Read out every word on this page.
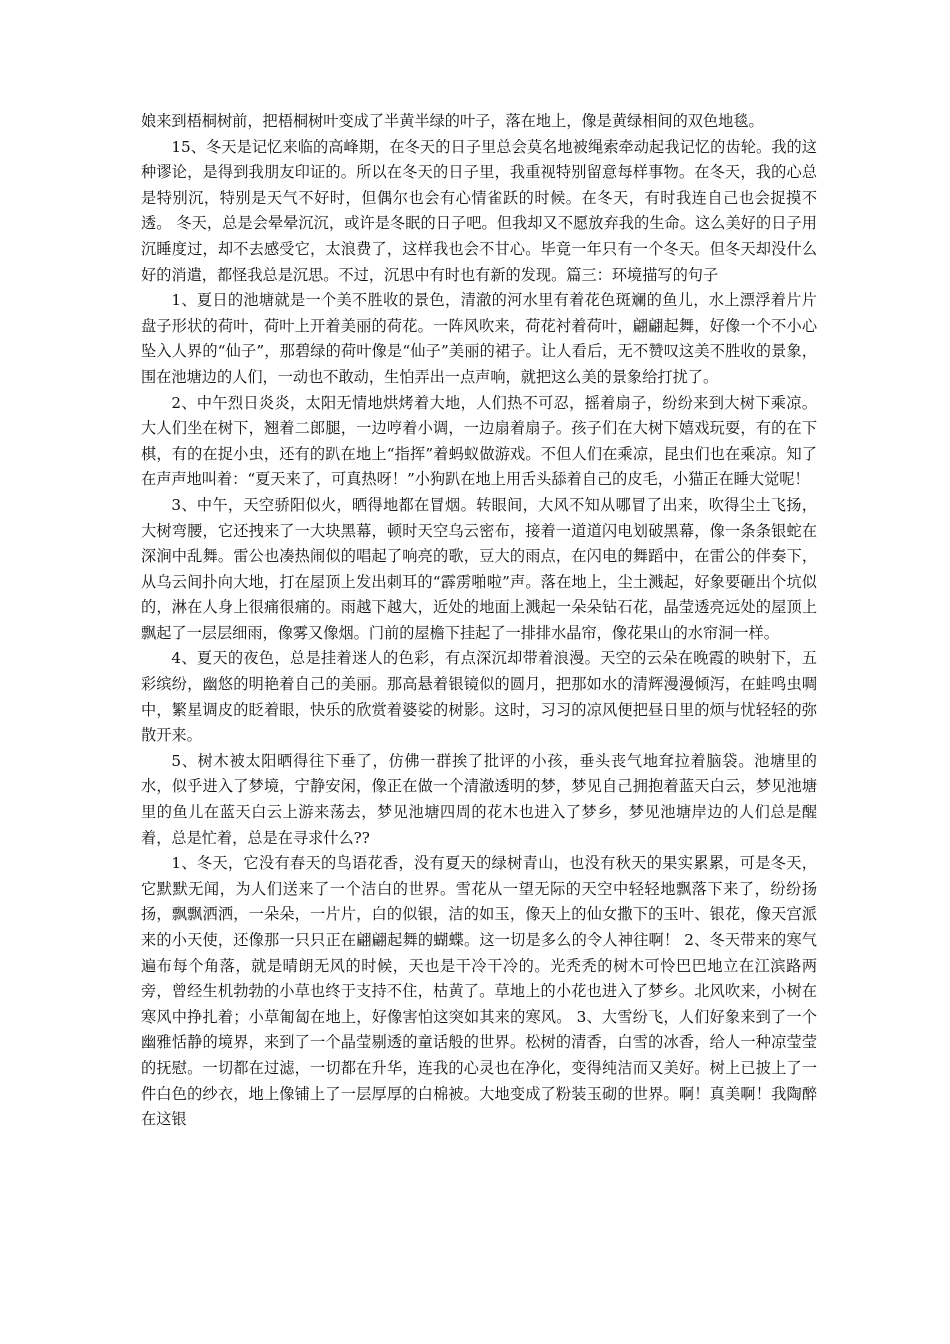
娘来到梧桐树前，把梧桐树叶变成了半黄半绿的叶子，落在地上，像是黄绿相间的双色地毯。

15、冬天是记忆来临的高峰期，在冬天的日子里总会莫名地被绳索牵动起我记忆的齿轮。我的这种谬论，是得到我朋友印证的。所以在冬天的日子里，我重视特别留意每样事物。在冬天，我的心总是特别沉，特别是天气不好时，但偶尔也会有心情雀跃的时候。在冬天，有时我连自己也会捉摸不透。 冬天，总是会晕晕沉沉，或许是冬眠的日子吧。但我却又不愿放弃我的生命。这么美好的日子用沉睡度过，却不去感受它，太浪费了，这样我也会不甘心。毕竟一年只有一个冬天。但冬天却没什么好的消遣，都怪我总是沉思。不过，沉思中有时也有新的发现。篇三：环境描写的句子

1、夏日的池塘就是一个美不胜收的景色，清澈的河水里有着花色斑斓的鱼儿，水上漂浮着片片盘子形状的荷叶，荷叶上开着美丽的荷花。一阵风吹来，荷花衬着荷叶，翩翩起舞，好像一个不小心坠入人界的“仙子”，那碧绿的荷叶像是“仙子”美丽的裙子。让人看后，无不赞叹这美不胜收的景象，围在池塘边的人们，一动也不敢动，生怕弄出一点声响，就把这么美的景象给打扰了。

2、中午烈日炎炎，太阳无情地烘烤着大地，人们热不可忍，摇着扇子，纷纷来到大树下乘凉。大人们坐在树下，翘着二郎腿，一边哼着小调，一边扇着扇子。孩子们在大树下嬉戏玩耍，有的在下棋，有的在捉小虫，还有的趴在地上“指挥”着蚂蚁做游戏。不但人们在乘凉，昆虫们也在乘凉。知了在声声地叫着：“夏天来了，可真热呀！”小狗趴在地上用舌头舔着自己的皮毛，小猫正在睡大觉呢！

3、中午，天空骄阳似火，晒得地都在冒烟。转眼间，大风不知从哪冒了出来，吹得尘土飞扬，大树弯腰，它还拽来了一大块黑幕，顿时天空乌云密布，接着一道道闪电划破黑幕，像一条条银蛇在深涧中乱舞。雷公也凑热闹似的唱起了响亮的歌，豆大的雨点，在闪电的舞蹈中，在雷公的伴奏下，从乌云间扑向大地，打在屋顶上发出刺耳的“霹雳啪啦”声。落在地上，尘土溅起，好象要砸出个坑似的，淋在人身上很痛很痛的。雨越下越大，近处的地面上溅起一朵朵钻石花，晶莹透亮远处的屋顶上飘起了一层层细雨，像雾又像烟。门前的屋檐下挂起了一排排水晶帘，像花果山的水帘洞一样。

4、夏天的夜色，总是挂着迷人的色彩，有点深沉却带着浪漫。天空的云朵在晚霞的映射下，五彩缤纷，幽悠的明艳着自己的美丽。那高悬着银镜似的圆月，把那如水的清辉漫漫倾泻，在蛙鸣虫啁中，繁星调皮的眨着眼，快乐的欣赏着婆娑的树影。这时，习习的凉风便把昼日里的烦与忧轻轻的弥散开来。

5、树木被太阳晒得往下垂了，仿佛一群挨了批评的小孩，垂头丧气地耷拉着脑袋。池塘里的水，似乎进入了梦境，宁静安闲，像正在做一个清澈透明的梦，梦见自己拥抱着蓝天白云，梦见池塘里的鱼儿在蓝天白云上游来荡去，梦见池塘四周的花木也进入了梦乡，梦见池塘岸边的人们总是醒着，总是忙着，总是在寻求什么??

1、冬天，它没有春天的鸟语花香，没有夏天的绿树青山，也没有秋天的果实累累，可是冬天，它默默无闻，为人们送来了一个洁白的世界。雪花从一望无际的天空中轻轻地飘落下来了，纷纷扬扬，飘飘洒洒，一朵朵，一片片，白的似银，洁的如玉，像天上的仙女撒下的玉叶、银花，像天宫派来的小天使，还像那一只只正在翩翩起舞的蝴蝶。这一切是多么的令人神往啊！ 2、冬天带来的寒气遍布每个角落，就是晴朗无风的时候，天也是干冷干冷的。光秃秃的树木可怜巴巴地立在江滨路两旁，曾经生机勃勃的小草也终于支持不住，枯黄了。草地上的小花也进入了梦乡。北风吹来，小树在寒风中挣扎着；小草匍匐在地上，好像害怕这突如其来的寒风。 3、大雪纷飞，人们好象来到了一个幽雅恬静的境界，来到了一个晶莹剔透的童话般的世界。松树的清香，白雪的冰香，给人一种凉莹莹的抚慰。一切都在过滤，一切都在升华，连我的心灵也在净化，变得纯洁而又美好。树上已披上了一件白色的纱衣，地上像铺上了一层厚厚的白棉被。大地变成了粉装玉砌的世界。啊！真美啊！我陶醉在这银
